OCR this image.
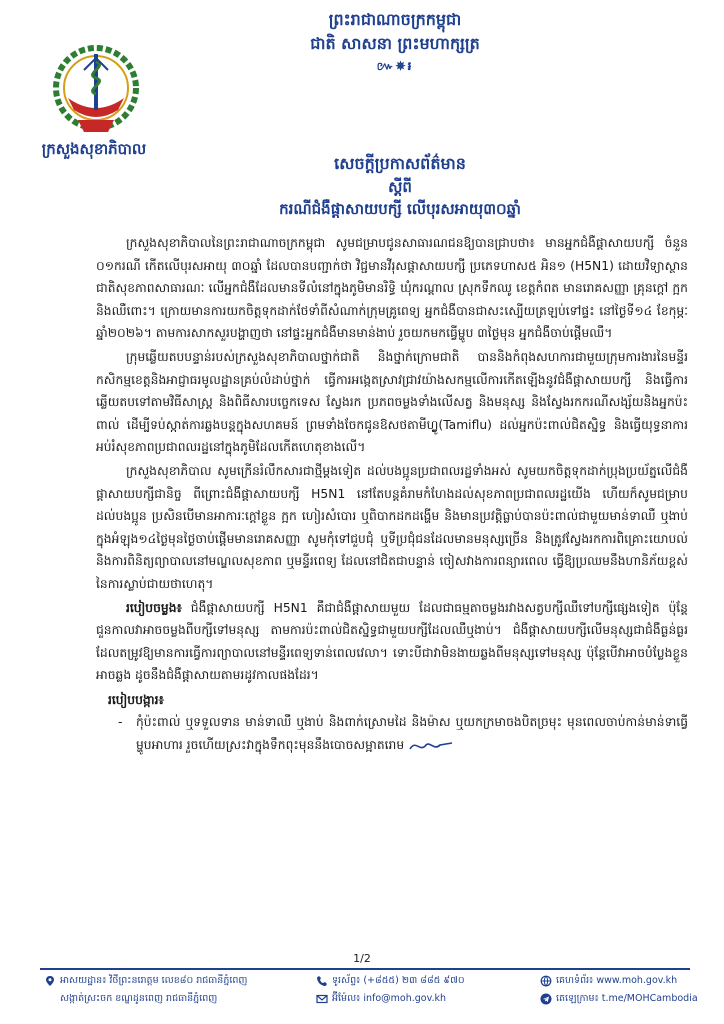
ក្រសួងសុខាភិបាល
ព្រះរាជាណាចក្រកម្ពុជា
ជាតិ សាសនា ព្រះមហាក្សត្រ
៚✵៛
សេចក្តីប្រកាសព័ត៌មាន
ស្តីពី
ករណីជំងឺផ្តាសាយបក្សី លើបុរសអាយុ៣០ឆ្នាំ

ក្រសួងសុខាភិបាលនៃព្រះរាជាណាចក្រកម្ពុជា សូមជម្រាបជូនសាធារណជនឱ្យបានជ្រាបថា៖ មានអ្នកជំងឺផ្តាសាយបក្សី ចំនួន ០១ករណី កើតលើបុរសអាយុ ៣០ឆ្នាំ ដែលបានបញ្ជាក់ថា វិជ្ជមានវីរុសផ្តាសាយបក្សី ប្រភេទហាស៥ អិន១ (H5N1) ដោយវិទ្យាស្ថានជាតិសុខភាពសាធារណៈ លើអ្នកជំងឺដែលមានទីលំនៅក្នុងភូមិមានរិទ្ធិ ឃុំករណ្តាល ស្រុកទឹកឈូ ខេត្តកំពត មានរោគសញ្ញា គ្រុនក្តៅ ក្អក និងឈឺពោះ។ ក្រោយមានការយកចិត្តទុកដាក់ថែទាំពីសំណាក់ក្រុមគ្រូពេទ្យ អ្នកជំងឺបានជាសះស្បើយត្រឡប់ទៅផ្ទះ នៅថ្ងៃទី១៤ ខែកុម្ភៈ ឆ្នាំ២០២៦។ តាមការសាកសួរបង្ហាញថា នៅផ្ទះអ្នកជំងឺមានមាន់ងាប់ រួចយកមកធ្វើម្ហូប ៣ថ្ងៃមុន អ្នកជំងឺចាប់ផ្តើមឈឺ។

ក្រុមឆ្លើយតបបន្ទាន់របស់ក្រសួងសុខាភិបាលថ្នាក់ជាតិ និងថ្នាក់ក្រោមជាតិ បាននិងកំពុងសហការជាមួយក្រុមការងារនៃមន្ទីរកសិកម្មខេត្តនិងអាជ្ញាធរមូលដ្ឋានគ្រប់លំដាប់ថ្នាក់ ធ្វើការអង្កេតស្រាវជ្រាវយ៉ាងសកម្មលើការកើតឡើងនូវជំងឺផ្តាសាយបក្សី និងធ្វើការឆ្លើយតបទៅតាមវិធីសាស្ត្រ និងពិធីសារបច្ចេកទេស ស្វែងរក ប្រភពចម្លងទាំងលើសត្វ និងមនុស្ស និងស្វែងរកករណីសង្ស័យនិងអ្នកប៉ះពាល់ ដើម្បីទប់ស្កាត់ការឆ្លងបន្តក្នុងសហគមន៍ ព្រមទាំងចែកជូនឱសថតាមីហ្វ្លូ(Tamiflu) ដល់អ្នកប៉ះពាល់ជិតស្និទ្ធ និងធ្វើយុទ្ធនាការអប់រំសុខភាពប្រជាពលរដ្ឋនៅក្នុងភូមិដែលកើតហេតុខាងលើ។

ក្រសួងសុខាភិបាល សូមក្រើនរំលឹកសារជាថ្មីម្តងទៀត ដល់បងប្អូនប្រជាពលរដ្ឋទាំងអស់ សូមយកចិត្តទុកដាក់ប្រុងប្រយ័ត្នលើជំងឺផ្តាសាយបក្សីជានិច្ច ពីព្រោះជំងឺផ្តាសាយបក្សី H5N1 នៅតែបន្តគំរាមកំហែងដល់សុខភាពប្រជាពលរដ្ឋយើង ហើយក៏សូមជម្រាបដល់បងប្អូន ប្រសិនបើមានអាការៈក្តៅខ្លួន ក្អក ហៀរសំបោរ ឬពិបាកដកដង្ហើម និងមានប្រវត្តិធ្លាប់បានប៉ះពាល់ជាមួយមាន់ទាឈឺ ឬងាប់ក្នុងអំឡុង១៤ថ្ងៃមុនថ្ងៃចាប់ផ្តើមមានរោគសញ្ញា សូមកុំទៅជួបជុំ ឬទីប្រជុំជនដែលមានមនុស្សច្រើន និងត្រូវស្វែងរកការពិគ្រោះយោបល់ និងការពិនិត្យព្យាបាលនៅមណ្ឌលសុខភាព ឬមន្ទីរពេទ្យ ដែលនៅជិតជាបន្ទាន់ ចៀសវាងការពន្យារពេល ធ្វើឱ្យប្រឈមនឹងហានិភ័យខ្ពស់នៃការស្លាប់ជាយថាហេតុ។

របៀបចម្លង៖ ជំងឺផ្តាសាយបក្សី H5N1 គឺជាជំងឺផ្តាសាយមួយ ដែលជាធម្មតាចម្លងរវាងសត្វបក្សីឈឺទៅបក្សីផ្សេងទៀត ប៉ុន្តែជួនកាលវាអាចចម្លងពីបក្សីទៅមនុស្ស តាមការប៉ះពាល់ជិតស្និទ្ធជាមួយបក្សីដែលឈឺឬងាប់។ ជំងឺផ្តាសាយបក្សីលើមនុស្សជាជំងឺធ្ងន់ធ្ងរ ដែលតម្រូវឱ្យមានការធ្វើការព្យាបាលនៅមន្ទីរពេទ្យទាន់ពេលវេលា។ ទោះបីជាវាមិនងាយឆ្លងពីមនុស្សទៅមនុស្ស ប៉ុន្តែបើវាអាចបំប្លែងខ្លួនអាចឆ្លង ដូចនឹងជំងឺផ្តាសាយតាមរដូវកាលផងដែរ។

របៀបបង្ការ៖
-	កុំប៉ះពាល់ ឬទទួលទាន មាន់ទាឈឺ ឬងាប់ និងពាក់ស្រោមដៃ និងម៉ាស ឬយកក្រមាចងបិតច្រមុះ មុនពេលចាប់កាន់មាន់ទាធ្វើម្ហូបអាហារ រួចហើយស្រះវាក្នុងទឹកពុះមុននឹងបោចសម្អាតរោម
1/2
អាសយដ្ឋាន៖ វិថីព្រះនរោត្តម លេខ៨០ រាជធានីភ្នំពេញ
សង្កាត់ស្រះចក ខណ្ឌដូនពេញ រាជធានីភ្នំពេញ
ទូរស័ព្ទ៖ (+៨៥៥) ២៣ ៨៨៥ ៩៧០
អ៊ីម៉ែល៖ info@moh.gov.kh
គេហទំព័រ៖ www.moh.gov.kh
តេឡេក្រាម៖ t.me/MOHCambodia
